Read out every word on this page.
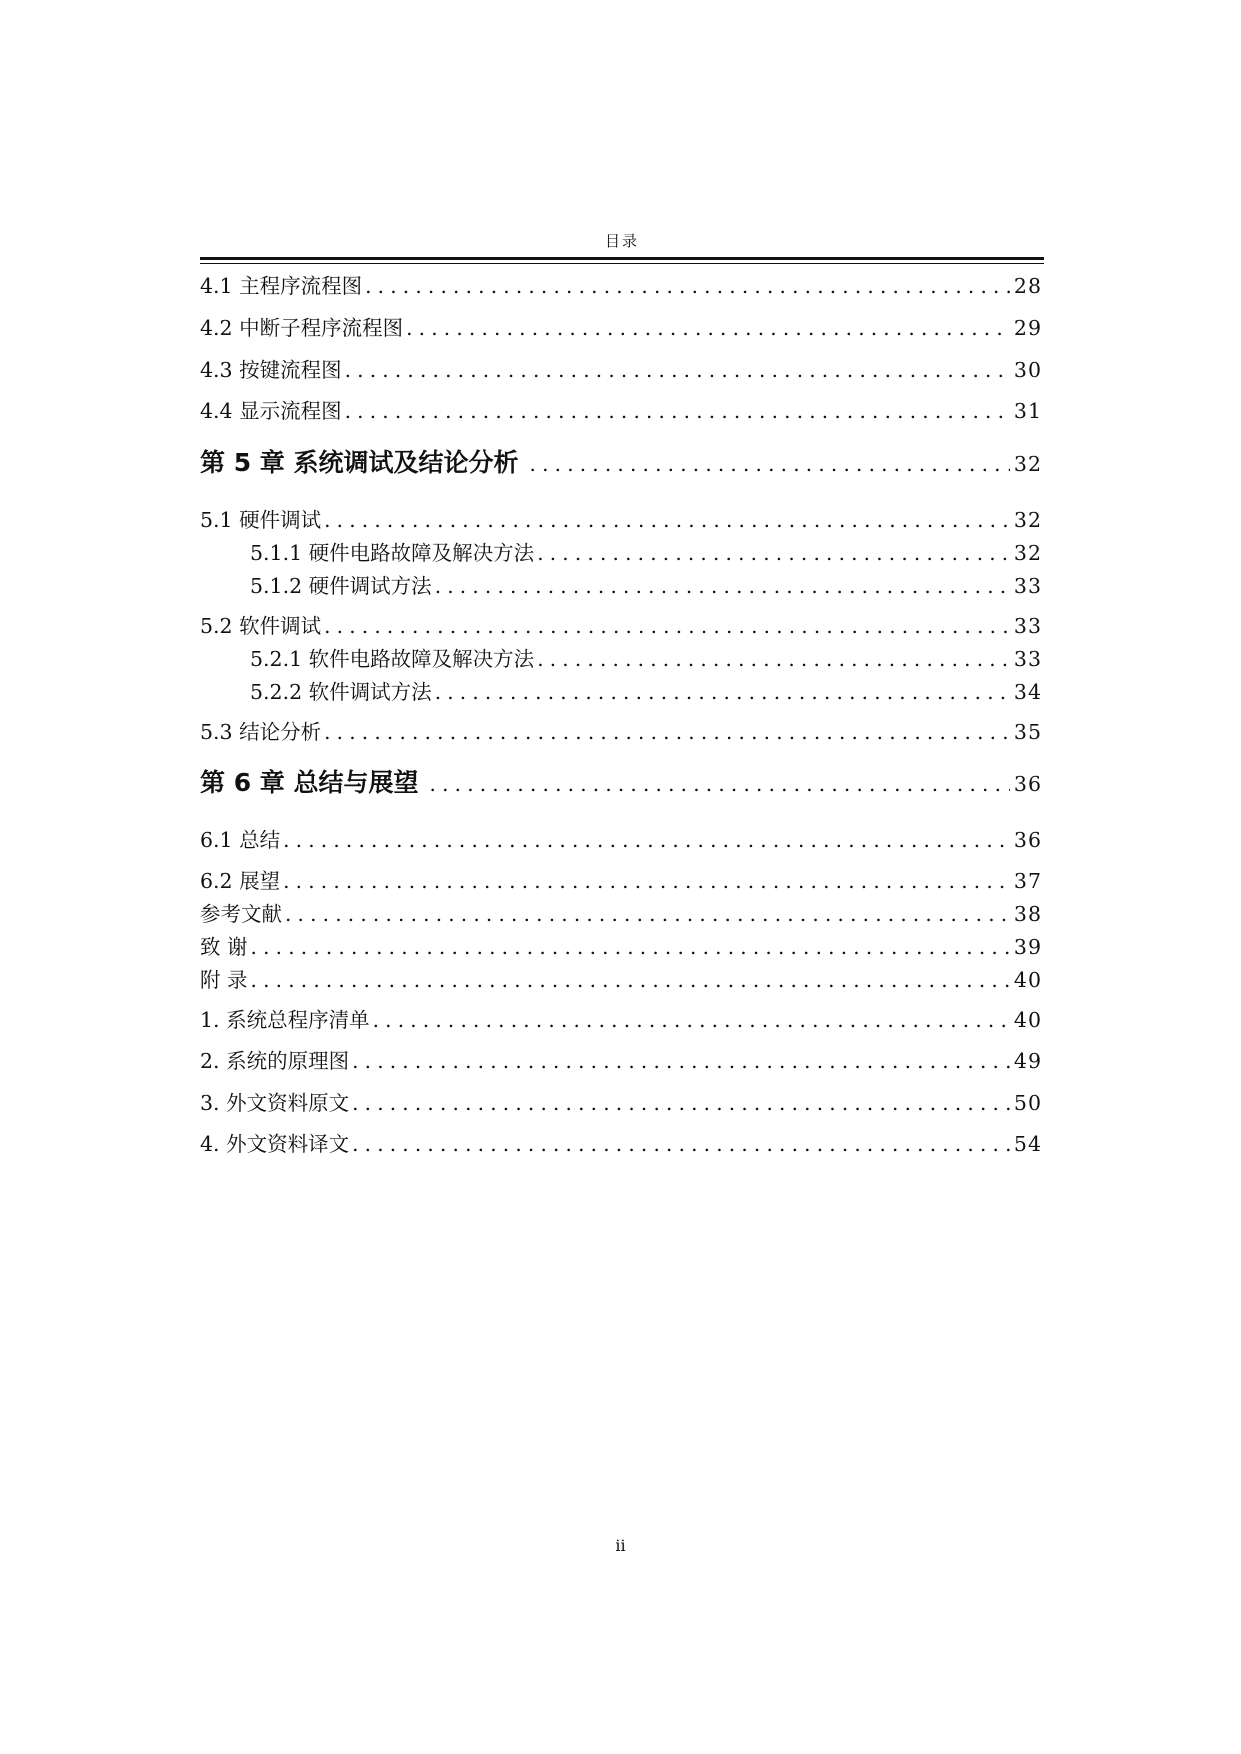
目录
4.1 主程序流程图 .....	28
4.2 中断子程序流程图 .....	29
4.3 按键流程图 .....	30
4.4 显示流程图 .....	31
第 5 章 系统调试及结论分析 .....	32
5.1 硬件调试 .....	32
5.1.1 硬件电路故障及解决方法 .....	32
5.1.2 硬件调试方法 .....	33
5.2 软件调试 .....	33
5.2.1 软件电路故障及解决方法 .....	33
5.2.2 软件调试方法 .....	34
5.3 结论分析 .....	35
第 6 章 总结与展望 .....	36
6.1 总结 .....	36
6.2 展望 .....	37
参考文献 .....	38
致 谢 .....	39
附 录 .....	40
1. 系统总程序清单 .....	40
2. 系统的原理图 .....	49
3. 外文资料原文 .....	50
4. 外文资料译文 .....	54
ii
